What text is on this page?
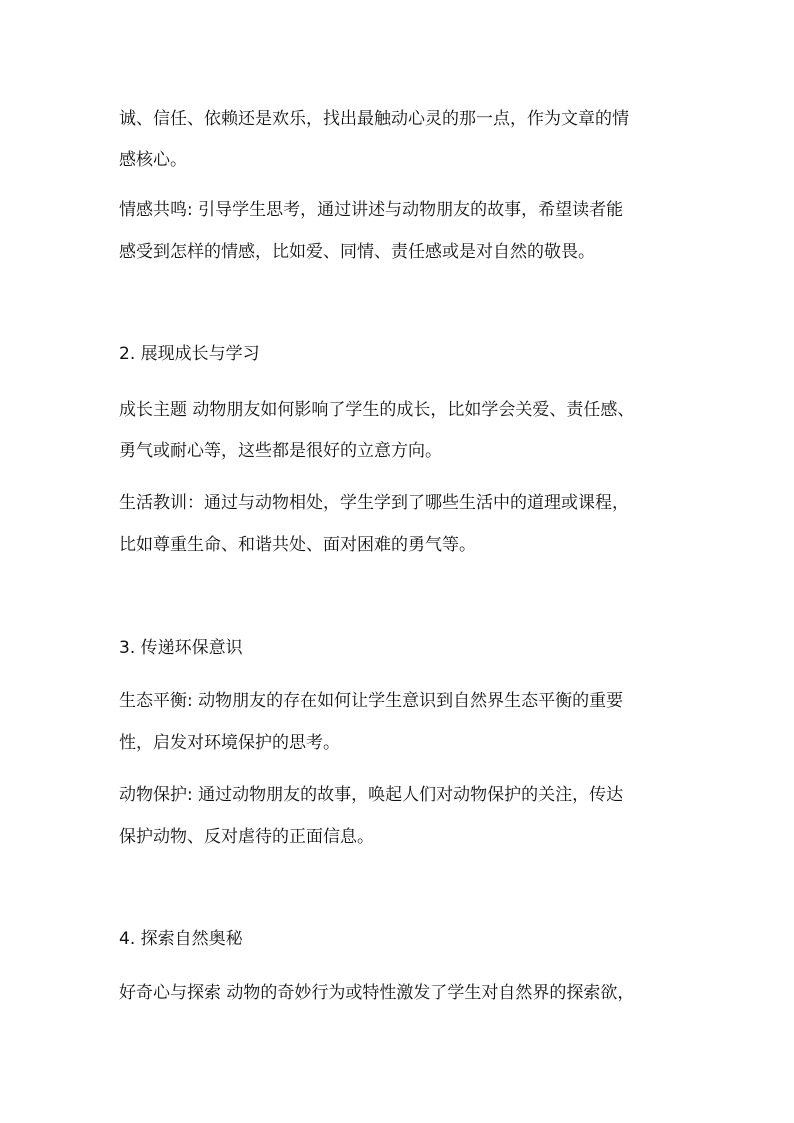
诚、信任、依赖还是欢乐，找出最触动心灵的那一点，作为文章的情
感核心。
情感共鸣: 引导学生思考，通过讲述与动物朋友的故事，希望读者能
感受到怎样的情感，比如爱、同情、责任感或是对自然的敬畏。
2. 展现成长与学习
成长主题 动物朋友如何影响了学生的成长，比如学会关爱、责任感、
勇气或耐心等，这些都是很好的立意方向。
生活教训：通过与动物相处，学生学到了哪些生活中的道理或课程，
比如尊重生命、和谐共处、面对困难的勇气等。
3. 传递环保意识
生态平衡: 动物朋友的存在如何让学生意识到自然界生态平衡的重要
性，启发对环境保护的思考。
动物保护: 通过动物朋友的故事，唤起人们对动物保护的关注，传达
保护动物、反对虐待的正面信息。
4. 探索自然奥秘
好奇心与探索 动物的奇妙行为或特性激发了学生对自然界的探索欲，
